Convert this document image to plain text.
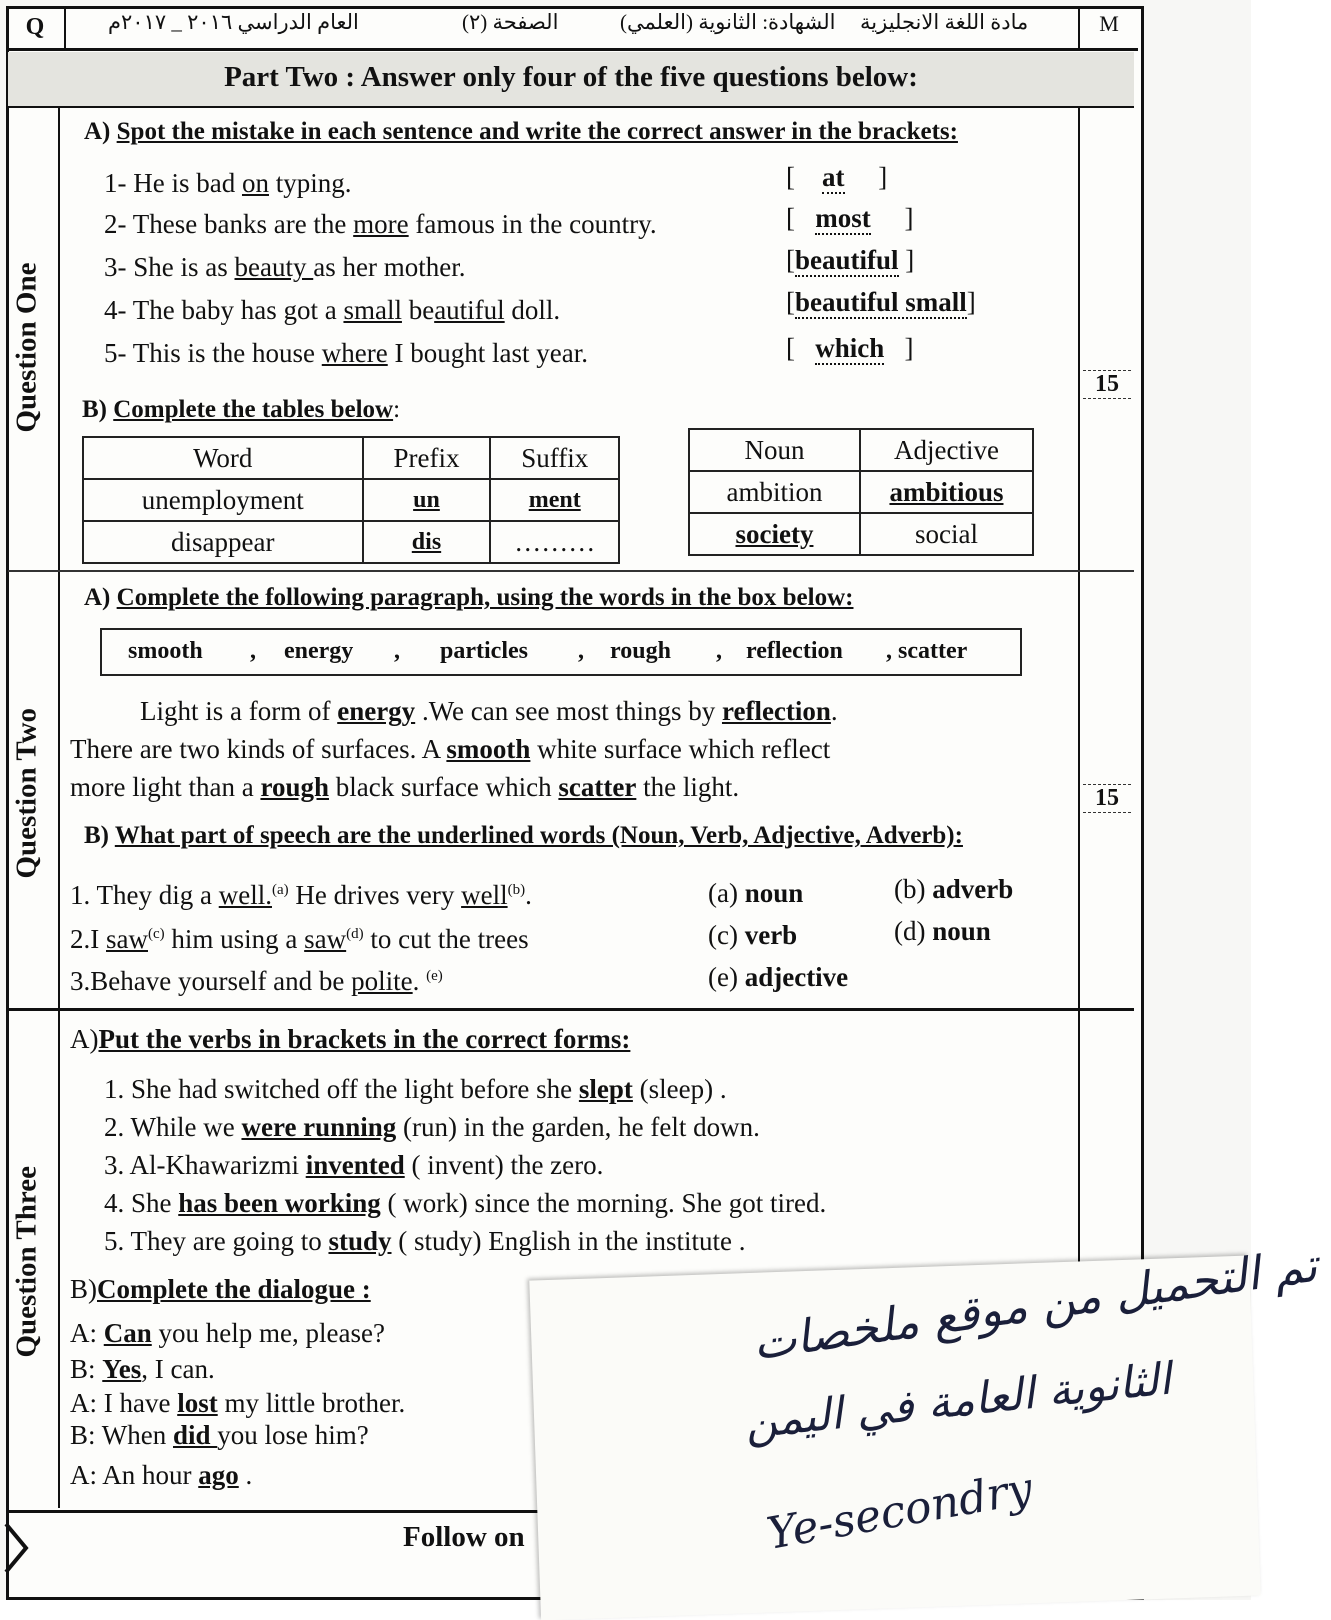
Q	العام الدراسي ٢٠١٦ _ ٢٠١٧م	الصفحة (٢)	الشهادة: الثانوية (العلمي) مادة اللغة الانجليزية	M
Part Two : Answer only four of the five questions below:
Question One
Question Two
Question Three
15
15
A) Spot the mistake in each sentence and write the correct answer in the brackets:
1- He is bad on typing.
2- These banks are the more famous in the country.
3- She is as beauty as her mother.
4- The baby has got a small beautiful doll.
5- This is the house where I bought last year.
[    at     ]
[   most     ]
[beautiful ]
[beautiful small]
[   which   ]
B) Complete the tables below:
Word	Prefix	Suffix
unemployment	un	ment
disappear	dis	………
Noun	Adjective
ambition	ambitious
society	social
A) Complete the following paragraph, using the words in the box below:
smooth , energy , particles , rough , reflection , scatter
Light is a form of energy .We can see most things by reflection.
There are two kinds of surfaces. A smooth white surface which reflect
more light than a rough black surface which scatter the light.
B) What part of speech are the underlined words (Noun, Verb, Adjective, Adverb):
1. They dig a well.$^{(a)}$ He drives very well$^{(b)}$.
2.I saw$^{(c)}$ him using a saw$^{(d)}$ to cut the trees
3.Behave yourself and be polite. $^{(e)}$
(a) noun	(b) adverb
(c) verb	(d) noun
(e) adjective
A)Put the verbs in brackets in the correct forms:
1. She had switched off the light before she slept (sleep) .
2. While we were running (run) in the garden, he felt down.
3. Al-Khawarizmi invented ( invent) the zero.
4. She has been working ( work) since the morning. She got tired.
5. They are going to study ( study) English in the institute .
B)Complete the dialogue :
A: Can you help me, please?
B: Yes, I can.
A: I have lost my little brother.
B: When did you lose him?
A: An hour ago .
Follow on
تم التحميل من موقع ملخصات
الثانوية العامة في اليمن
Ye-secondry
